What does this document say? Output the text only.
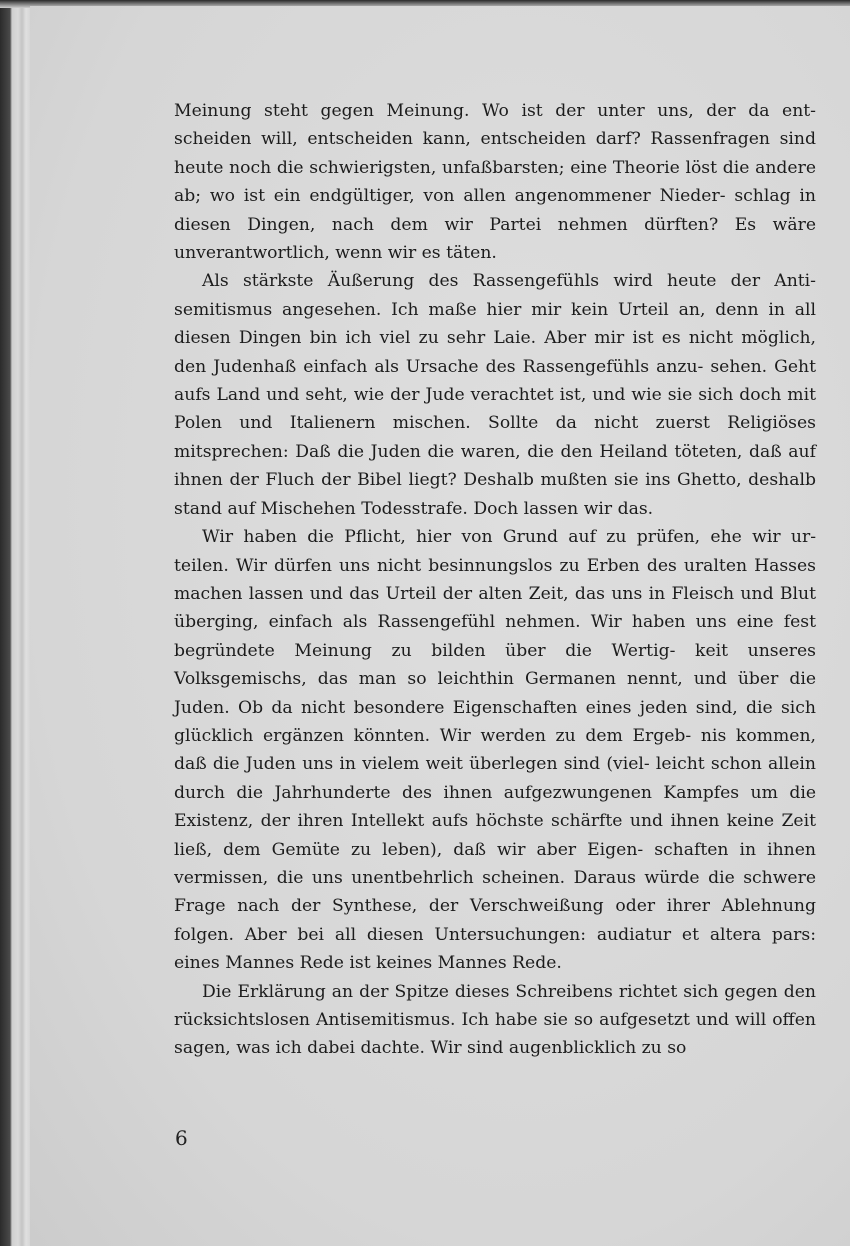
Meinung steht gegen Meinung. Wo ist der unter uns, der da ent- scheiden will, entscheiden kann, entscheiden darf? Rassenfragen sind heute noch die schwierigsten, unfaßbarsten; eine Theorie löst die andere ab; wo ist ein endgültiger, von allen angenommener Nieder- schlag in diesen Dingen, nach dem wir Partei nehmen dürften? Es wäre unverantwortlich, wenn wir es täten.

Als stärkste Äußerung des Rassengefühls wird heute der Anti- semitismus angesehen. Ich maße hier mir kein Urteil an, denn in all diesen Dingen bin ich viel zu sehr Laie. Aber mir ist es nicht möglich, den Judenhaß einfach als Ursache des Rassengefühls anzu- sehen. Geht aufs Land und seht, wie der Jude verachtet ist, und wie sie sich doch mit Polen und Italienern mischen. Sollte da nicht zuerst Religiöses mitsprechen: Daß die Juden die waren, die den Heiland töteten, daß auf ihnen der Fluch der Bibel liegt? Deshalb mußten sie ins Ghetto, deshalb stand auf Mischehen Todesstrafe. Doch lassen wir das.

Wir haben die Pflicht, hier von Grund auf zu prüfen, ehe wir ur- teilen. Wir dürfen uns nicht besinnungslos zu Erben des uralten Hasses machen lassen und das Urteil der alten Zeit, das uns in Fleisch und Blut überging, einfach als Rassengefühl nehmen. Wir haben uns eine fest begründete Meinung zu bilden über die Wertig- keit unseres Volksgemischs, das man so leichthin Germanen nennt, und über die Juden. Ob da nicht besondere Eigenschaften eines jeden sind, die sich glücklich ergänzen könnten. Wir werden zu dem Ergeb- nis kommen, daß die Juden uns in vielem weit überlegen sind (viel- leicht schon allein durch die Jahrhunderte des ihnen aufgezwungenen Kampfes um die Existenz, der ihren Intellekt aufs höchste schärfte und ihnen keine Zeit ließ, dem Gemüte zu leben), daß wir aber Eigen- schaften in ihnen vermissen, die uns unentbehrlich scheinen. Daraus würde die schwere Frage nach der Synthese, der Verschweißung oder ihrer Ablehnung folgen. Aber bei all diesen Untersuchungen: audiatur et altera pars: eines Mannes Rede ist keines Mannes Rede.

Die Erklärung an der Spitze dieses Schreibens richtet sich gegen den rücksichtslosen Antisemitismus. Ich habe sie so aufgesetzt und will offen sagen, was ich dabei dachte. Wir sind augenblicklich zu so

6
